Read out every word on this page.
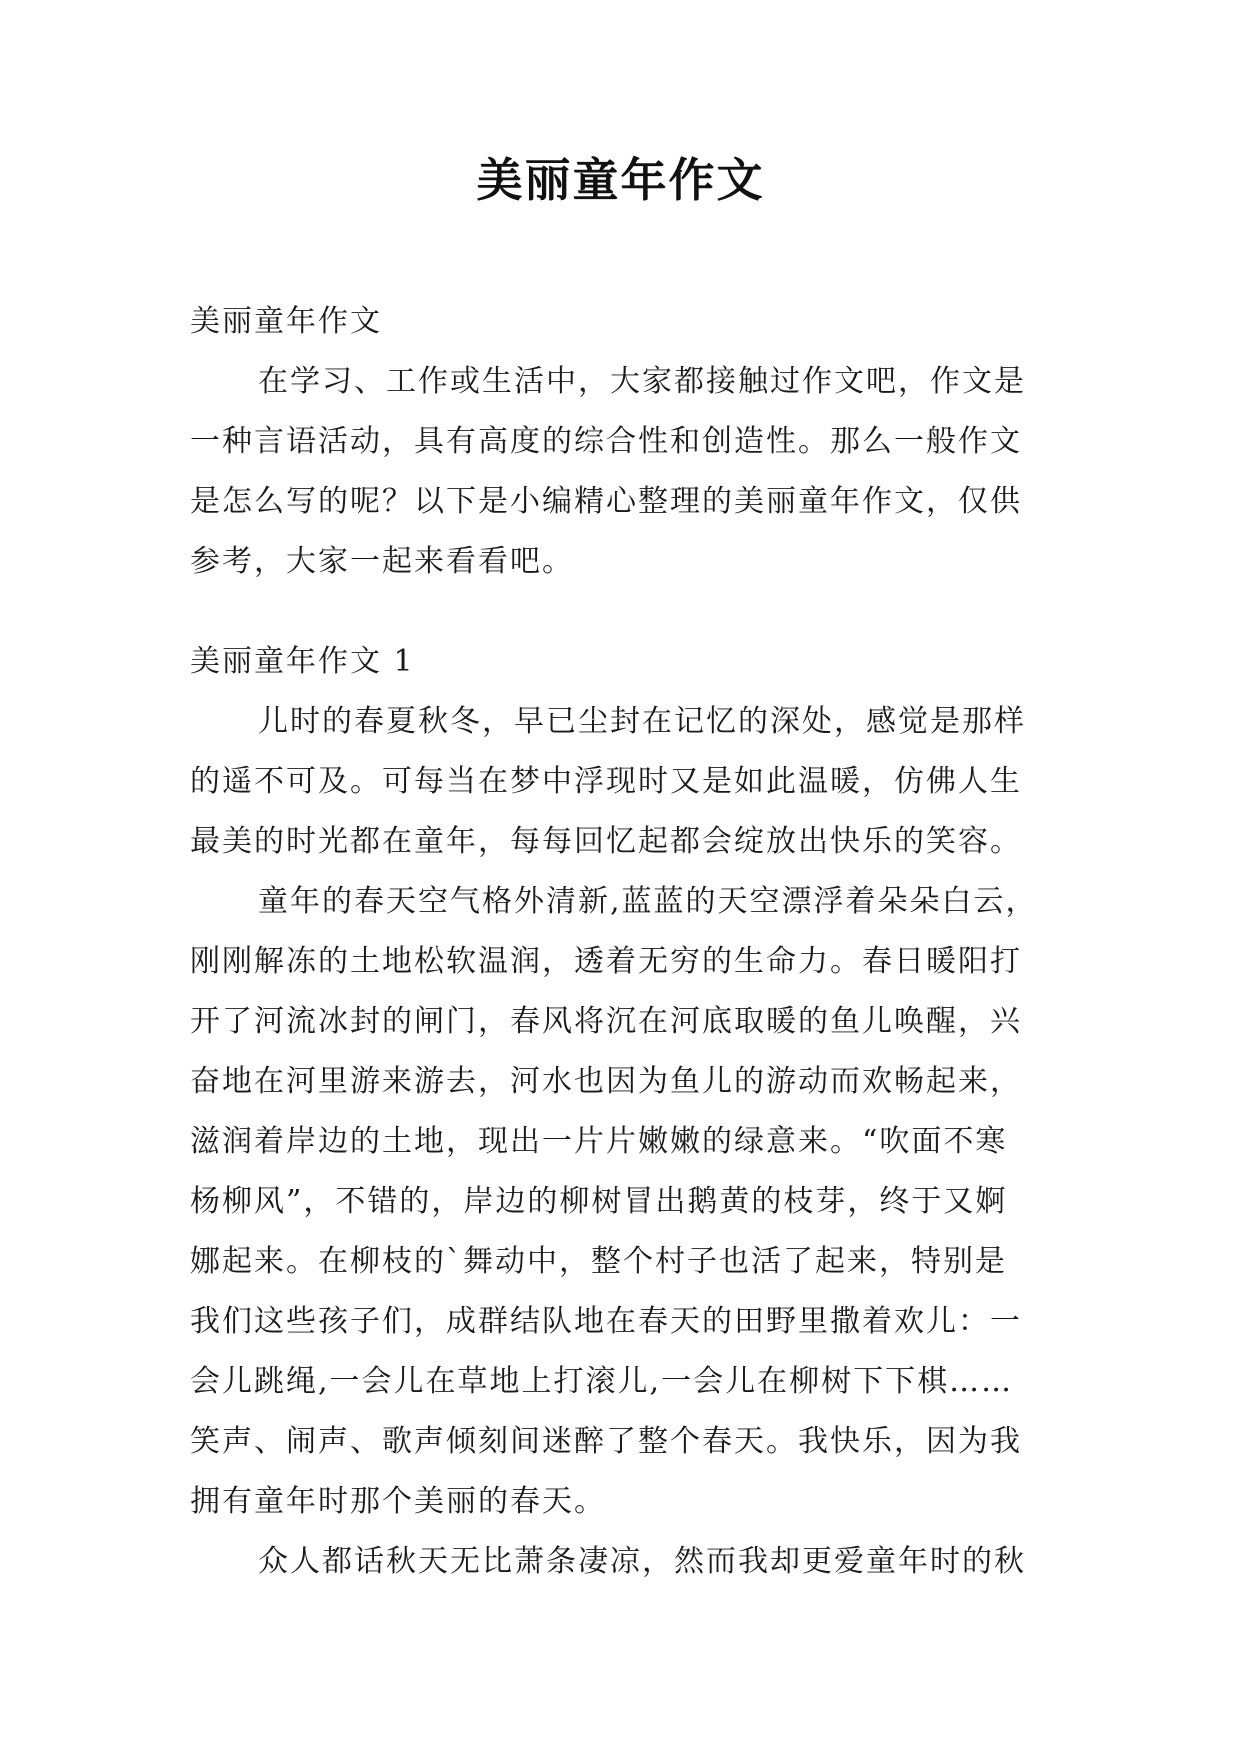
美丽童年作文
美丽童年作文
在学习、工作或生活中，大家都接触过作文吧，作文是
一种言语活动，具有高度的综合性和创造性。那么一般作文
是怎么写的呢？以下是小编精心整理的美丽童年作文，仅供
参考，大家一起来看看吧。
美丽童年作文 1
儿时的春夏秋冬，早已尘封在记忆的深处，感觉是那样
的遥不可及。可每当在梦中浮现时又是如此温暖，仿佛人生
最美的时光都在童年，每每回忆起都会绽放出快乐的笑容。
童年的春天空气格外清新,蓝蓝的天空漂浮着朵朵白云，
刚刚解冻的土地松软温润，透着无穷的生命力。春日暖阳打
开了河流冰封的闸门，春风将沉在河底取暖的鱼儿唤醒，兴
奋地在河里游来游去，河水也因为鱼儿的游动而欢畅起来，
滋润着岸边的土地，现出一片片嫩嫩的绿意来。“吹面不寒
杨柳风”，不错的，岸边的柳树冒出鹅黄的枝芽，终于又婀
娜起来。在柳枝的`舞动中，整个村子也活了起来，特别是
我们这些孩子们，成群结队地在春天的田野里撒着欢儿：一
会儿跳绳,一会儿在草地上打滚儿,一会儿在柳树下下棋……
笑声、闹声、歌声倾刻间迷醉了整个春天。我快乐，因为我
拥有童年时那个美丽的春天。
众人都话秋天无比萧条凄凉，然而我却更爱童年时的秋
